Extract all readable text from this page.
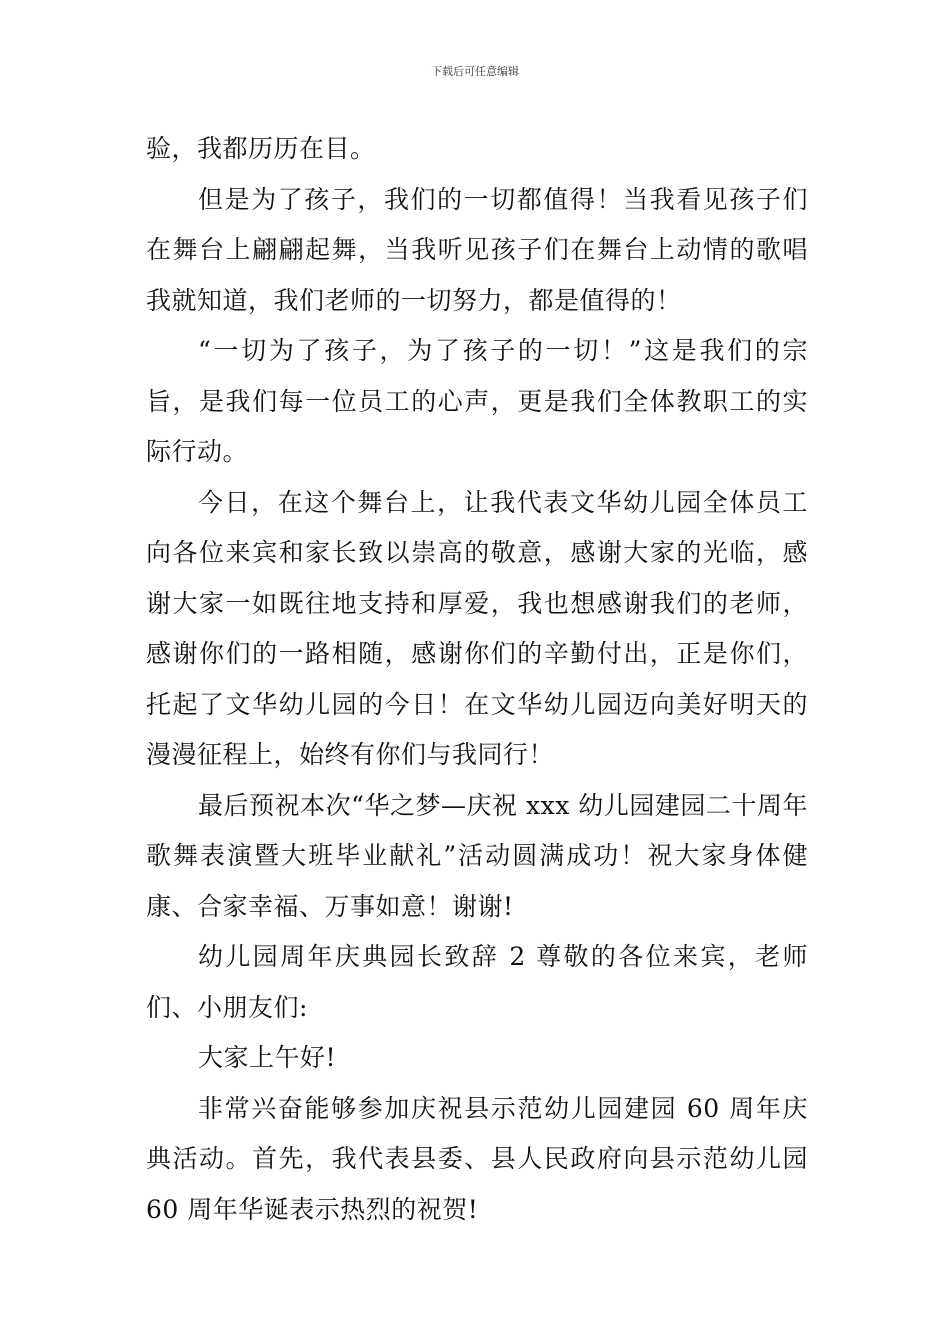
下载后可任意编辑

验，我都历历在目。

但是为了孩子，我们的一切都值得！当我看见孩子们在舞台上翩翩起舞，当我听见孩子们在舞台上动情的歌唱我就知道，我们老师的一切努力，都是值得的！

“一切为了孩子，为了孩子的一切！”这是我们的宗旨，是我们每一位员工的心声，更是我们全体教职工的实际行动。

今日，在这个舞台上，让我代表文华幼儿园全体员工向各位来宾和家长致以崇高的敬意，感谢大家的光临，感谢大家一如既往地支持和厚爱，我也想感谢我们的老师，感谢你们的一路相随，感谢你们的辛勤付出，正是你们，托起了文华幼儿园的今日！在文华幼儿园迈向美好明天的漫漫征程上，始终有你们与我同行！

最后预祝本次“华之梦—庆祝 xxx 幼儿园建园二十周年歌舞表演暨大班毕业献礼”活动圆满成功！祝大家身体健康、合家幸福、万事如意！谢谢!

幼儿园周年庆典园长致辞 2 尊敬的各位来宾，老师们、小朋友们:

大家上午好!

非常兴奋能够参加庆祝县示范幼儿园建园 60 周年庆典活动。首先，我代表县委、县人民政府向县示范幼儿园 60 周年华诞表示热烈的祝贺!
